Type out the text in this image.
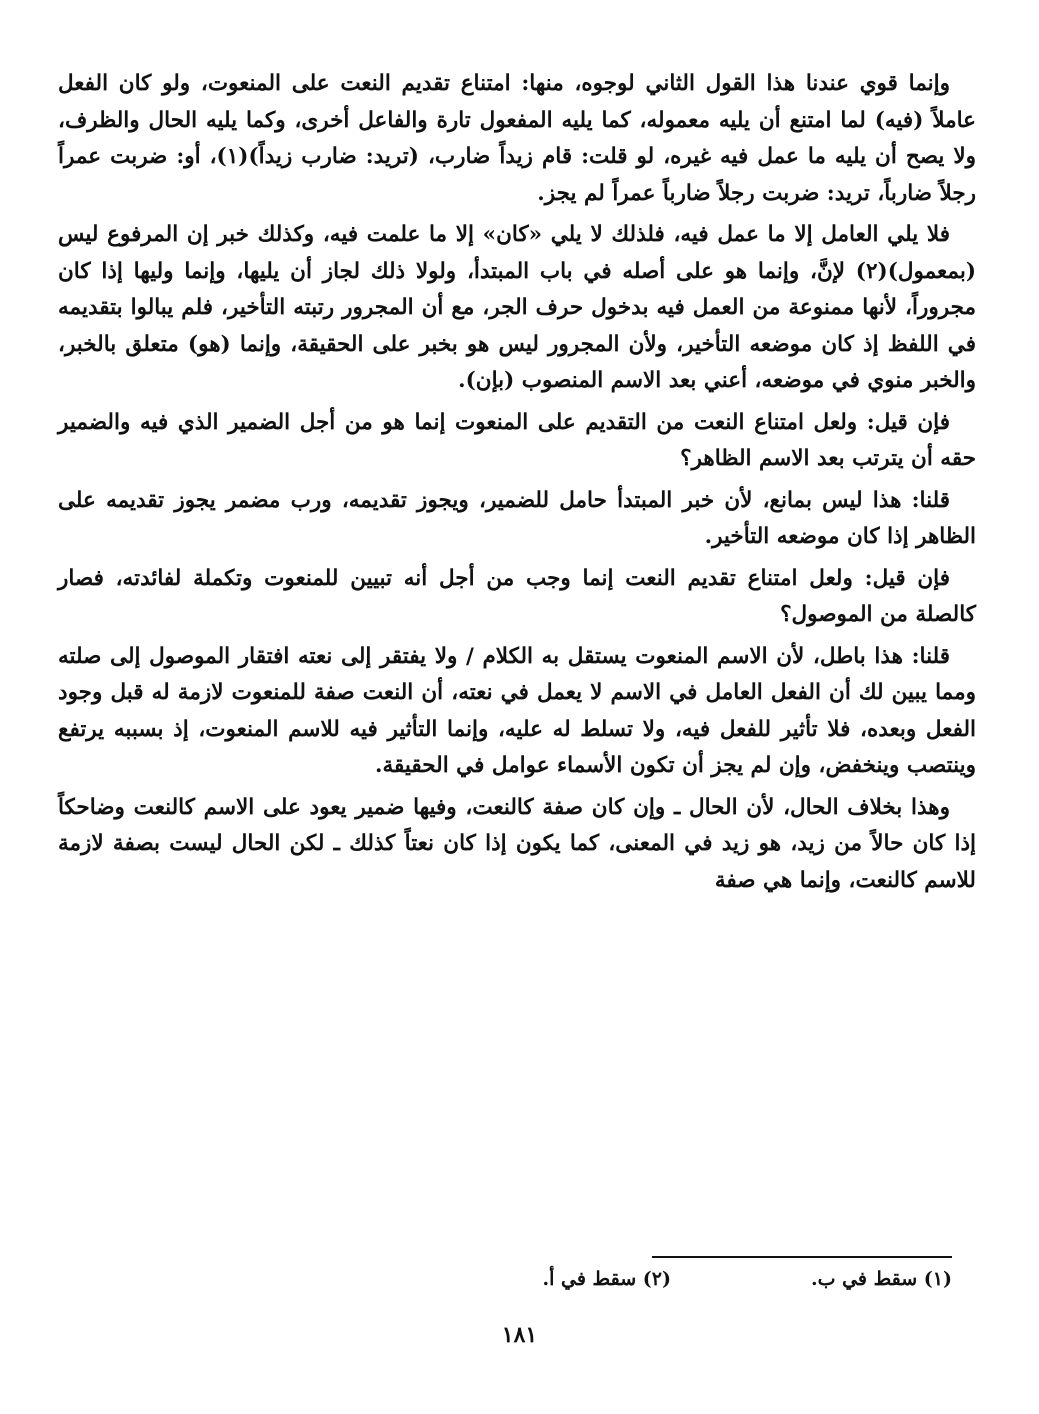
وإنما قوي عندنا هذا القول الثاني لوجوه، منها: امتناع تقديم النعت على المنعوت، ولو كان الفعل عاملاً (فيه) لما امتنع أن يليه معموله، كما يليه المفعول تارة والفاعل أخرى، وكما يليه الحال والظرف، ولا يصح أن يليه ما عمل فيه غيره، لو قلت: قام زيداً ضارب، (تريد: ضارب زيداً)(١)، أو: ضربت عمراً رجلاً ضارباً، تريد: ضربت رجلاً ضارباً عمراً لم يجز.

فلا يلي العامل إلا ما عمل فيه، فلذلك لا يلي «كان» إلا ما علمت فيه، وكذلك خبر إن المرفوع ليس (بمعمول)(٢) لإنَّ، وإنما هو على أصله في باب المبتدأ، ولولا ذلك لجاز أن يليها، وإنما وليها إذا كان مجروراً، لأنها ممنوعة من العمل فيه بدخول حرف الجر، مع أن المجرور رتبته التأخير، فلم يبالوا بتقديمه في اللفظ إذ كان موضعه التأخير، ولأن المجرور ليس هو بخبر على الحقيقة، وإنما (هو) متعلق بالخبر، والخبر منوي في موضعه، أعني بعد الاسم المنصوب (بإن).

فإن قيل: ولعل امتناع النعت من التقديم على المنعوت إنما هو من أجل الضمير الذي فيه والضمير حقه أن يترتب بعد الاسم الظاهر؟

قلنا: هذا ليس بمانع، لأن خبر المبتدأ حامل للضمير، ويجوز تقديمه، ورب مضمر يجوز تقديمه على الظاهر إذا كان موضعه التأخير.

فإن قيل: ولعل امتناع تقديم النعت إنما وجب من أجل أنه تبيين للمنعوت وتكملة لفائدته، فصار كالصلة من الموصول؟

قلنا: هذا باطل، لأن الاسم المنعوت يستقل به الكلام / ولا يفتقر إلى نعته افتقار الموصول إلى صلته ومما يبين لك أن الفعل العامل في الاسم لا يعمل في نعته، أن النعت صفة للمنعوت لازمة له قبل وجود الفعل وبعده، فلا تأثير للفعل فيه، ولا تسلط له عليه، وإنما التأثير فيه للاسم المنعوت، إذ بسببه يرتفع وينتصب وينخفض، وإن لم يجز أن تكون الأسماء عوامل في الحقيقة.

وهذا بخلاف الحال، لأن الحال ـ وإن كان صفة كالنعت، وفيها ضمير يعود على الاسم كالنعت وضاحكاً إذا كان حالاً من زيد، هو زيد في المعنى، كما يكون إذا كان نعتاً كذلك ـ لكن الحال ليست بصفة لازمة للاسم كالنعت، وإنما هي صفة

(١) سقط في ب.
(٢) سقط في أ.
١٨١
